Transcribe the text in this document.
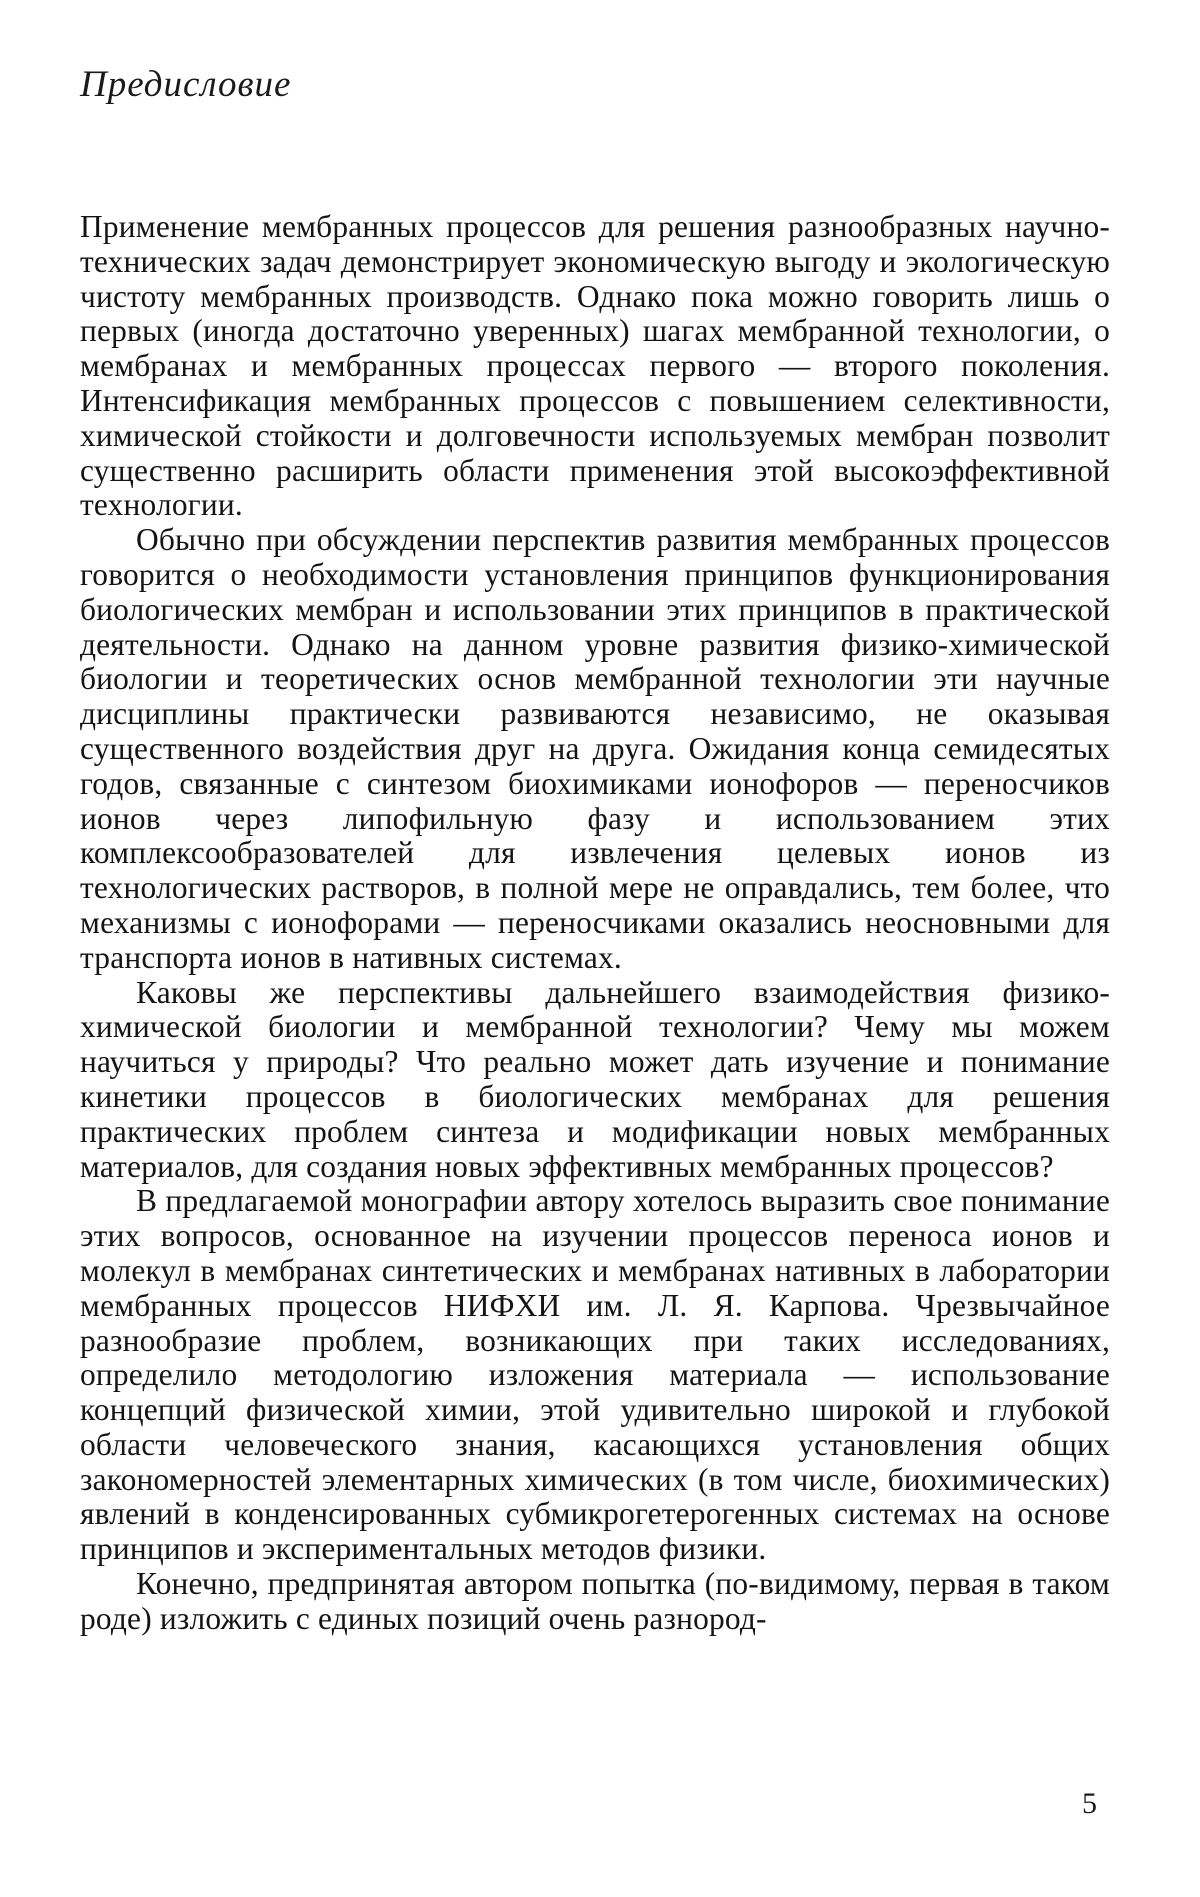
Предисловие

Применение мембранных процессов для решения разнообразных научно-технических задач демонстрирует экономическую выгоду и экологическую чистоту мембранных производств. Однако пока можно говорить лишь о первых (иногда достаточно уверенных) шагах мембранной технологии, о мембранах и мембранных процессах первого — второго поколения. Интенсификация мембранных процессов с повышением селективности, химической стойкости и долговечности используемых мембран позволит существенно расширить области применения этой высокоэффективной технологии.

Обычно при обсуждении перспектив развития мембранных процессов говорится о необходимости установления принципов функционирования биологических мембран и использовании этих принципов в практической деятельности. Однако на данном уровне развития физико-химической биологии и теоретических основ мембранной технологии эти научные дисциплины практически развиваются независимо, не оказывая существенного воздействия друг на друга. Ожидания конца семидесятых годов, связанные с синтезом биохимиками ионофоров — переносчиков ионов через липофильную фазу и использованием этих комплексообразователей для извлечения целевых ионов из технологических растворов, в полной мере не оправдались, тем более, что механизмы с ионофорами — переносчиками оказались неосновными для транспорта ионов в нативных системах.

Каковы же перспективы дальнейшего взаимодействия физико-химической биологии и мембранной технологии? Чему мы можем научиться у природы? Что реально может дать изучение и понимание кинетики процессов в биологических мембранах для решения практических проблем синтеза и модификации новых мембранных материалов, для создания новых эффективных мембранных процессов?

В предлагаемой монографии автору хотелось выразить свое понимание этих вопросов, основанное на изучении процессов переноса ионов и молекул в мембранах синтетических и мембранах нативных в лаборатории мембранных процессов НИФХИ им. Л. Я. Карпова. Чрезвычайное разнообразие проблем, возникающих при таких исследованиях, определило методологию изложения материала — использование концепций физической химии, этой удивительно широкой и глубокой области человеческого знания, касающихся установления общих закономерностей элементарных химических (в том числе, биохимических) явлений в конденсированных субмикрогетерогенных системах на основе принципов и экспериментальных методов физики.

Конечно, предпринятая автором попытка (по-видимому, первая в таком роде) изложить с единых позиций очень разнород-

5
